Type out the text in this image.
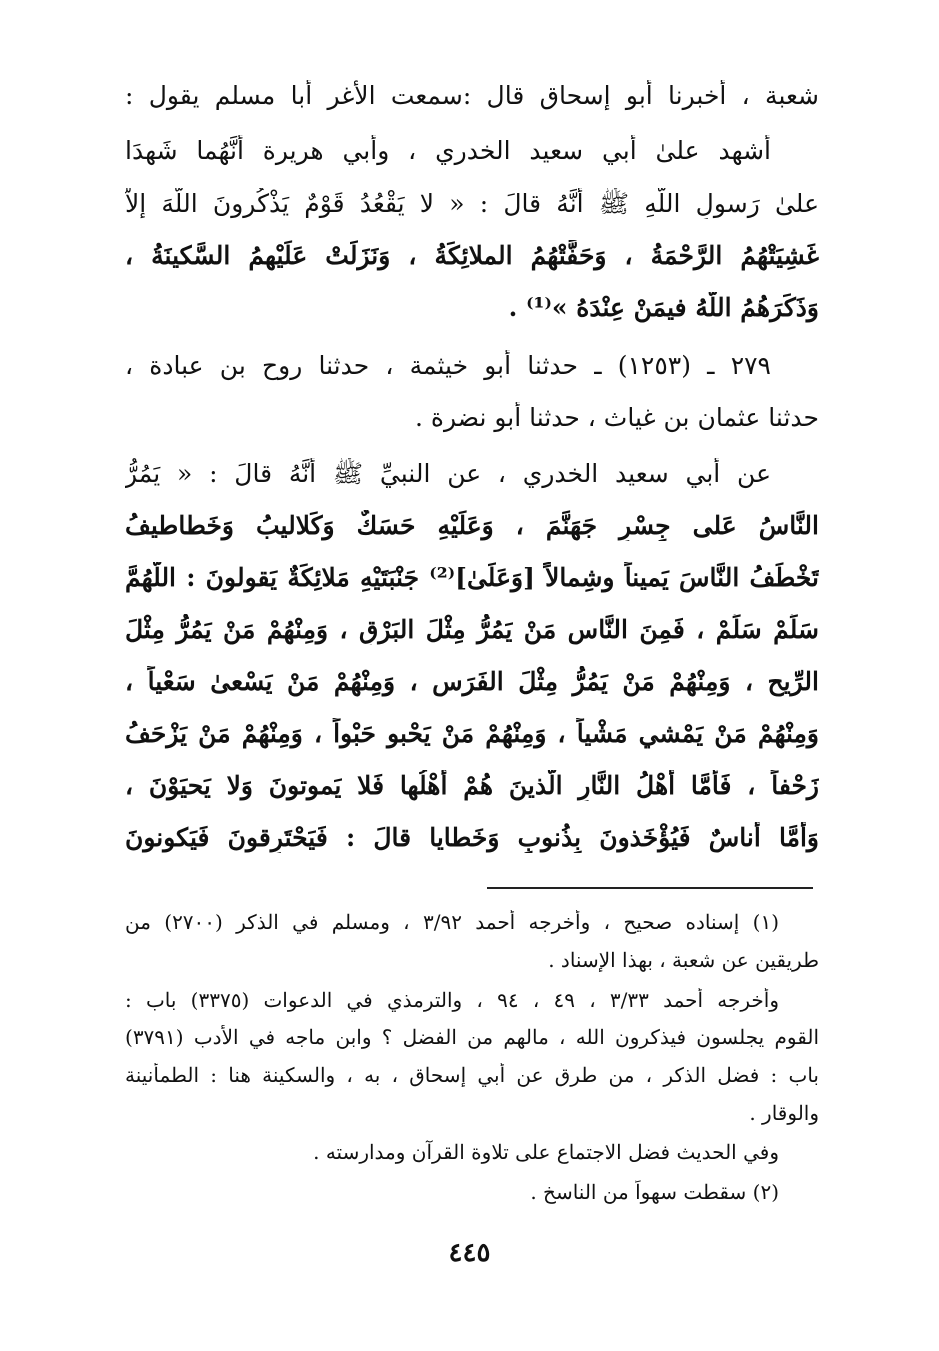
شعبة ، أخبرنا أبو إسحاق قال :سمعت الأغر أبا مسلم يقول :
أشهد علىٰ أبي سعيد الخدري ، وأبي هريرة أنَّهُما شَهِدَا
علىٰ رَسولِ اللَّهِ ﷺ أَنَّهُ قالَ : « لا يَقْعُدُ قَوْمٌ يَذْكُرونَ اللَّهَ إلاَّ
غَشِيَتْهُمُ الرَّحْمَةُ ، وَحَفَّتْهُمُ الملائِكَةُ ، وَنَزَلَتْ عَلَيْهِمُ السَّكينَةُ ،
وَذَكَرَهُمُ اللَّهُ فيمَنْ عِنْدَهُ »⁽¹⁾ .
٢٧٩ ـ (١٢٥٣) ـ حدثنا أبو خيثمة ، حدثنا روح بن عبادة ،
حدثنا عثمان بن غياث ، حدثنا أبو نضرة .
عن أبي سعيد الخدري ، عن النبيِّ ﷺ أَنَّهُ قالَ : « يَمُرُّ
النَّاسُ عَلى جِسْرِ جَهَنَّمَ ، وَعَلَيْهِ حَسَكٌ وَكَلاليبُ وَخَطاطيفُ
تَخْطَفُ النَّاسَ يَميناً وشِمالاً [وَعَلَىٰ]⁽²⁾ جَنْبَتَيْهِ مَلائِكَةٌ يَقولونَ : اللَّهُمَّ
سَلِّمْ سَلِّمْ ، فَمِنَ النَّاسِ مَنْ يَمُرُّ مِثْلَ البَرْقِ ، وَمِنْهُمْ مَنْ يَمُرُّ مِثْلَ
الرِّيحِ ، وَمِنْهُمْ مَنْ يَمُرُّ مِثْلَ الفَرَسِ ، وَمِنْهُمْ مَنْ يَسْعىٰ سَعْياً ،
وَمِنْهُمْ مَنْ يَمْشي مَشْياً ، وَمِنْهُمْ مَنْ يَحْبو حَبْواً ، وَمِنْهُمْ مَنْ يَزْحَفُ
زَحْفاً ، فَأَمَّا أَهْلُ النَّارِ الَّذينَ هُمْ أَهْلُها فَلا يَموتونَ وَلا يَحيَوْنَ ،
وَأَمَّا أُناسٌ فَيُؤْخَذونَ بِذُنوبٍ وَخَطايا قالَ : فَيَحْتَرِقونَ فَيَكونونَ
(١) إسناده صحيح ، وأخرجه أحمد ٣/٩٢ ، ومسلم في الذكر (٢٧٠٠) من
طريقين عن شعبة ، بهذا الإسناد .
وأخرجه أحمد ٣/٣٣ ، ٤٩ ، ٩٤ ، والترمذي في الدعوات (٣٣٧٥) باب :
القوم يجلسون فيذكرون الله ، مالهم من الفضل ؟ وابن ماجه في الأدب (٣٧٩١)
باب : فضل الذكر ، من طرق عن أبي إسحاق ، به ، والسكينة هنا : الطمأنينة
والوقار .
وفي الحديث فضل الاجتماع على تلاوة القرآن ومدارسته .
(٢) سقطت سهواً من الناسخ .
٤٤٥
